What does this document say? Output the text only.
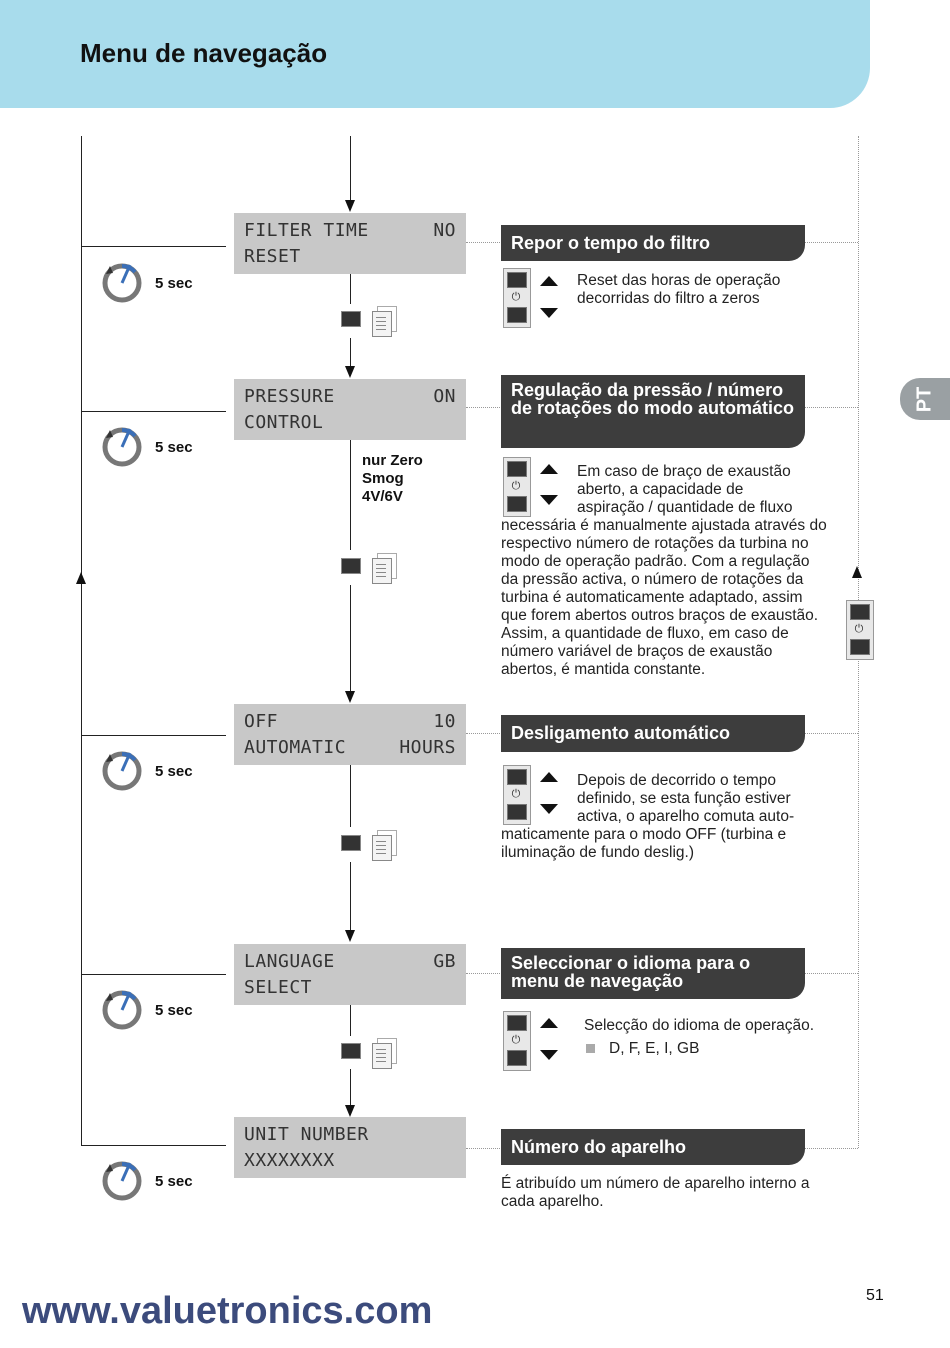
Menu de navegação
PT
⏻
FILTER TIME	NO
RESET
PRESSURE	ON
CONTROL
OFF	10
AUTOMATIC	HOURS
LANGUAGE	GB
SELECT
UNIT NUMBER
XXXXXXXX
nur Zero
Smog
4V/6V
5 sec
5 sec
5 sec
5 sec
5 sec
Repor o tempo do filtro
⏻
Reset das horas de operação decorridas do filtro a zeros
Regulação da pressão / número de rotações do modo automático
⏻
Em caso de braço de exaustão aberto, a capacidade de aspiração / quantidade de fluxo
necessária é manualmente ajustada através do respectivo número de rotações da turbina no modo de operação padrão. Com a regulação da pressão activa, o número de rotações da turbina é automaticamente adaptado, assim que forem abertos outros braços de exaustão. Assim, a quantidade de fluxo, em caso de número variável de braços de exaustão abertos, é mantida constante.
Desligamento automático
⏻
Depois de decorrido o tempo definido, se esta função estiver activa, o aparelho comuta auto-
maticamente para o modo OFF (turbina e iluminação de fundo deslig.)
Seleccionar o idioma para o menu de navegação
⏻
Selecção do idioma de operação.
D, F, E, I, GB
Número do aparelho
É atribuído um número de aparelho interno a cada aparelho.
www.valuetronics.com	51
